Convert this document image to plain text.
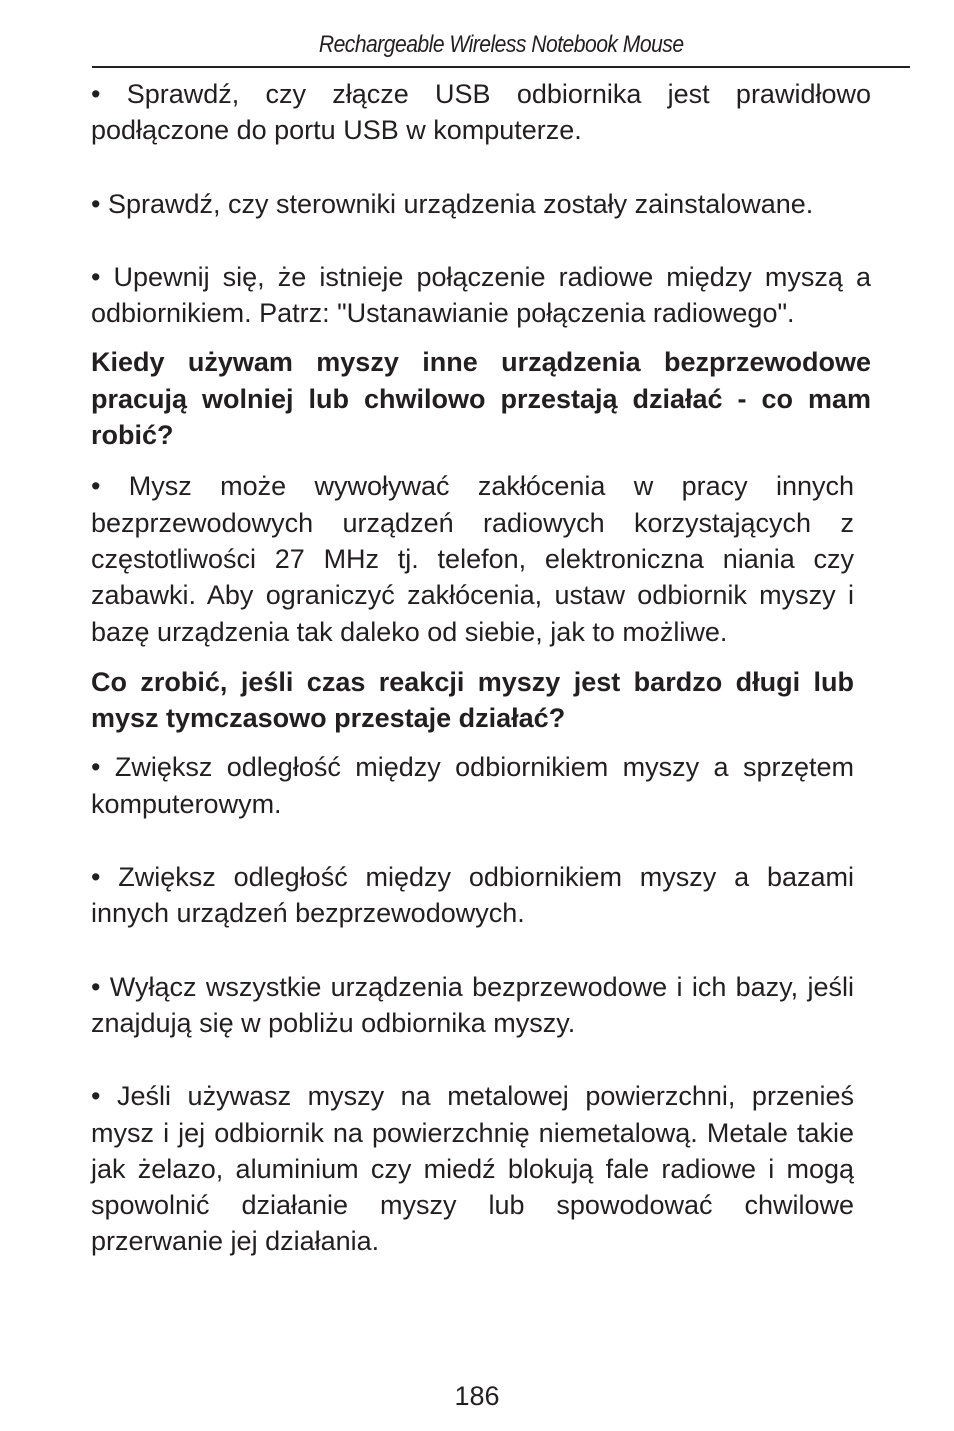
Rechargeable Wireless Notebook Mouse

• Sprawdź, czy złącze USB odbiornika jest prawidłowo podłączone do portu USB w komputerze.

• Sprawdź, czy sterowniki urządzenia zostały zainstalowane.

• Upewnij się, że istnieje połączenie radiowe między myszą a odbiornikiem. Patrz: "Ustanawianie połączenia radiowego".

Kiedy używam myszy inne urządzenia bezprzewodowe pracują wolniej lub chwilowo przestają działać - co mam robić?

• Mysz może wywoływać zakłócenia w pracy innych bezprzewodowych urządzeń radiowych korzystających z częstotliwości 27 MHz tj. telefon, elektroniczna niania czy zabawki. Aby ograniczyć zakłócenia, ustaw odbiornik myszy i bazę urządzenia tak daleko od siebie, jak to możliwe.

Co zrobić, jeśli czas reakcji myszy jest bardzo długi lub mysz tymczasowo przestaje działać?

• Zwiększ odległość między odbiornikiem myszy a sprzętem komputerowym.

• Zwiększ odległość między odbiornikiem myszy a bazami innych urządzeń bezprzewodowych.

• Wyłącz wszystkie urządzenia bezprzewodowe i ich bazy, jeśli znajdują się w pobliżu odbiornika myszy.

• Jeśli używasz myszy na metalowej powierzchni, przenieś mysz i jej odbiornik na powierzchnię niemetalową. Metale takie jak żelazo, aluminium czy miedź blokują fale radiowe i mogą spowolnić działanie myszy lub spowodować chwilowe przerwanie jej działania.

186
